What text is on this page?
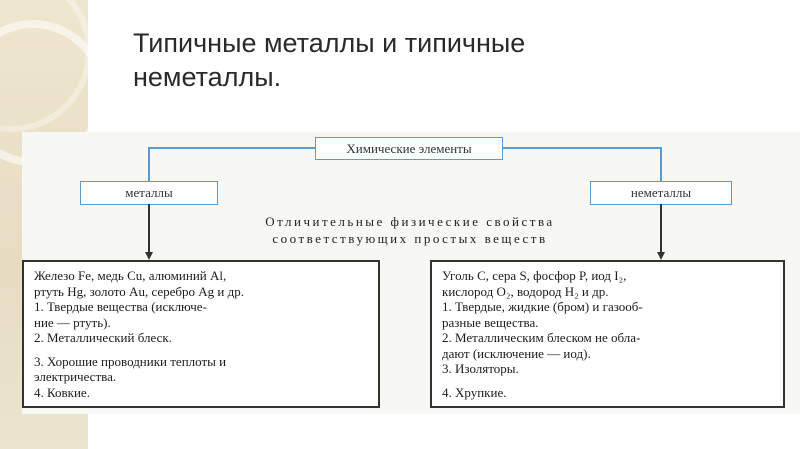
Типичные металлы и типичные
неметаллы.
Химические элементы
металлы	неметаллы
Отличительные физические свойства
соответствующих простых веществ

Железо Fe, медь Cu, алюминий Al,

ртуть Hg, золото Au, серебро Ag и др.

1. Твердые вещества (исключе-

ние — ртуть).

2. Металлический блеск.

3. Хорошие проводники теплоты и

электричества.

4. Ковкие.

Уголь C, сера S, фосфор P, иод I₂,

кислород O₂, водород H₂ и др.

1. Твердые, жидкие (бром) и газооб-

разные вещества.

2. Металлическим блеском не обла-

дают (исключение — иод).

3. Изоляторы.

4. Хрупкие.
